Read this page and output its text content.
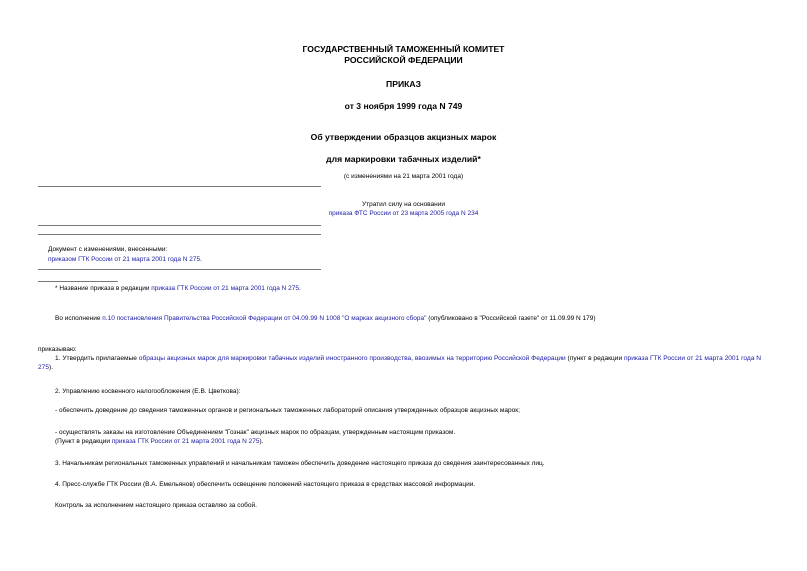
ГОСУДАРСТВЕННЫЙ ТАМОЖЕННЫЙ КОМИТЕТ
РОССИЙСКОЙ ФЕДЕРАЦИИ
ПРИКАЗ
от 3 ноября 1999 года N 749
Об утверждении образцов акцизных марок
для маркировки табачных изделий*
(с изменениями на 21 марта 2001 года)
Утратил силу на основании
приказа ФТС России от 23 марта 2005 года N 234
Документ с изменениями, внесенными:
приказом ГТК России от 21 марта 2001 года N 275.
* Название приказа в редакции приказа ГТК России от 21 марта 2001 года N 275.
Во исполнение п.10 постановления Правительства Российской Федерации от 04.09.99 N 1008 "О марках акцизного сбора" (опубликовано в "Российской газете" от 11.09.99 N 179)
приказываю:
1. Утвердить прилагаемые образцы акцизных марок для маркировки табачных изделий иностранного производства, ввозимых на территорию Российской Федерации (пункт в редакции приказа ГТК России от 21 марта 2001 года N 275).
2. Управлению косвенного налогообложения (Е.В. Цветкова):
- обеспечить доведение до сведения таможенных органов и региональных таможенных лабораторий описания утвержденных образцов акцизных марок;
- осуществлять заказы на изготовление Объединением "Гознак" акцизных марок по образцам, утвержденным настоящим приказом.
(Пункт в редакции приказа ГТК России от 21 марта 2001 года N 275).
3. Начальникам региональных таможенных управлений и начальникам таможен обеспечить доведение настоящего приказа до сведения заинтересованных лиц.
4. Пресс-службе ГТК России (В.А. Емельянов) обеспечить освещение положений настоящего приказа в средствах массовой информации.
Контроль за исполнением настоящего приказа оставляю за собой.
